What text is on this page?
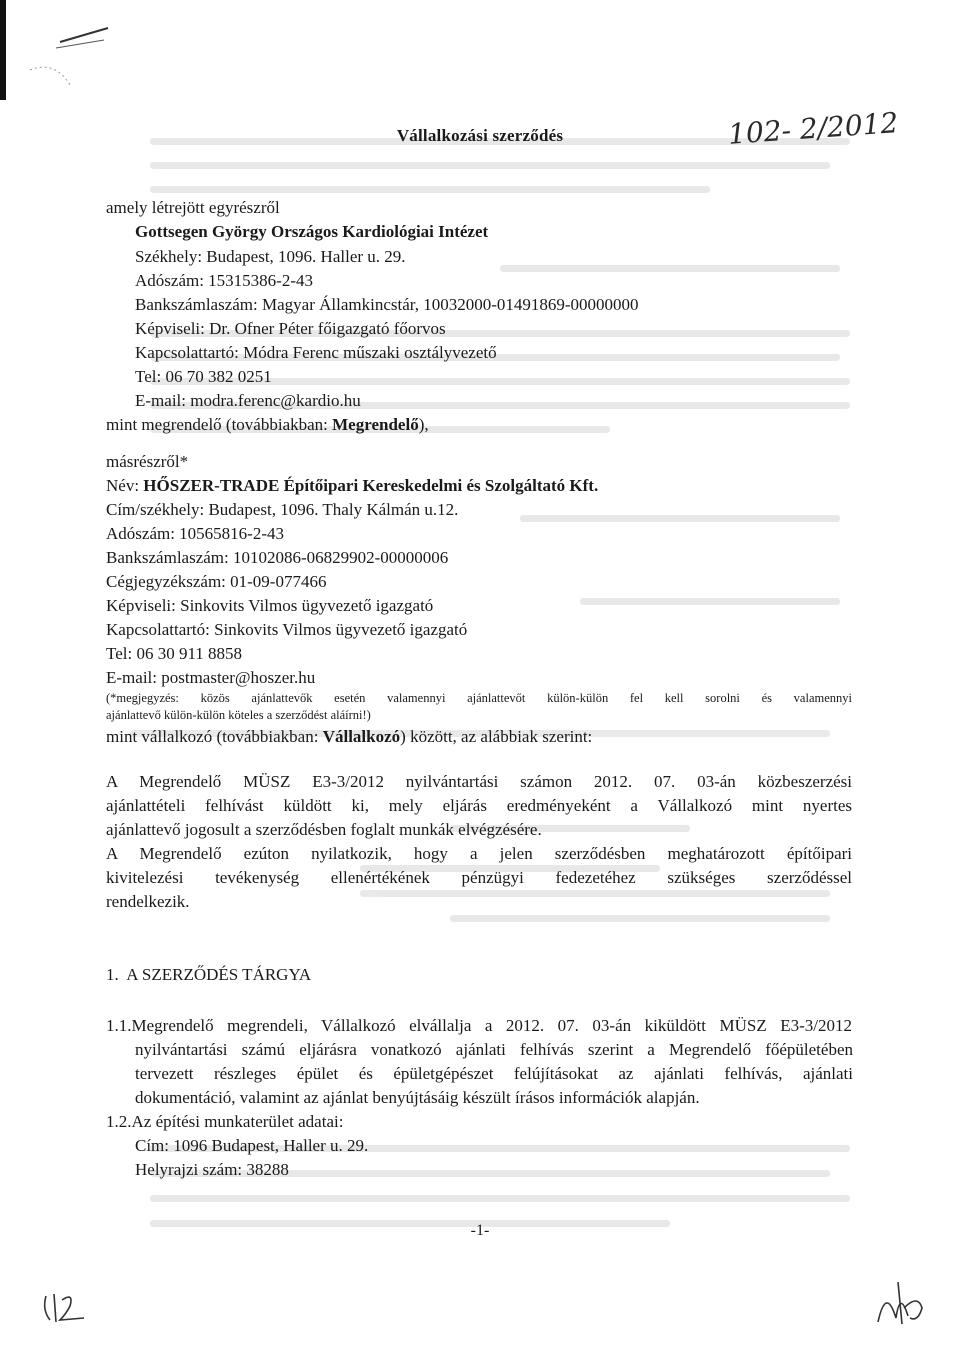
Vállalkozási szerződés	102- 2/2012
amely létrejött egyrészről
Gottsegen György Országos Kardiológiai Intézet
Székhely: Budapest, 1096. Haller u. 29.
Adószám: 15315386-2-43
Bankszámlaszám: Magyar Államkincstár, 10032000-01491869-00000000
Képviseli: Dr. Ofner Péter főigazgató főorvos
Kapcsolattartó: Módra Ferenc műszaki osztályvezető
Tel: 06 70 382 0251
E-mail: modra.ferenc@kardio.hu
mint megrendelő (továbbiakban: Megrendelő),
másrészről*
Név: HŐSZER-TRADE Építőipari Kereskedelmi és Szolgáltató Kft.
Cím/székhely: Budapest, 1096. Thaly Kálmán u.12.
Adószám: 10565816-2-43
Bankszámlaszám: 10102086-06829902-00000006
Cégjegyzékszám: 01-09-077466
Képviseli: Sinkovits Vilmos ügyvezető igazgató
Kapcsolattartó: Sinkovits Vilmos ügyvezető igazgató
Tel: 06 30 911 8858
E-mail: postmaster@hoszer.hu
(*megjegyzés: közös ajánlattevők esetén valamennyi ajánlattevőt külön-külön fel kell sorolni és valamennyi
ajánlattevő külön-külön köteles a szerződést aláírni!)
mint vállalkozó (továbbiakban: Vállalkozó) között, az alábbiak szerint:
A Megrendelő MÜSZ E3-3/2012 nyilvántartási számon 2012. 07. 03-án közbeszerzési
ajánlattételi felhívást küldött ki, mely eljárás eredményeként a Vállalkozó mint nyertes
ajánlattevő jogosult a szerződésben foglalt munkák elvégzésére.
A Megrendelő ezúton nyilatkozik, hogy a jelen szerződésben meghatározott építőipari
kivitelezési tevékenység ellenértékének pénzügyi fedezetéhez szükséges szerződéssel
rendelkezik.
1.  A SZERZŐDÉS TÁRGYA
1.1.Megrendelő megrendeli, Vállalkozó elvállalja a 2012. 07. 03-án kiküldött MÜSZ E3-3/2012
nyilvántartási számú eljárásra vonatkozó ajánlati felhívás szerint a Megrendelő főépületében
tervezett részleges épület és épületgépészet felújításokat az ajánlati felhívás, ajánlati
dokumentáció, valamint az ajánlat benyújtásáig készült írásos információk alapján.
1.2.Az építési munkaterület adatai:
Cím: 1096 Budapest, Haller u. 29.
Helyrajzi szám: 38288
-1-
